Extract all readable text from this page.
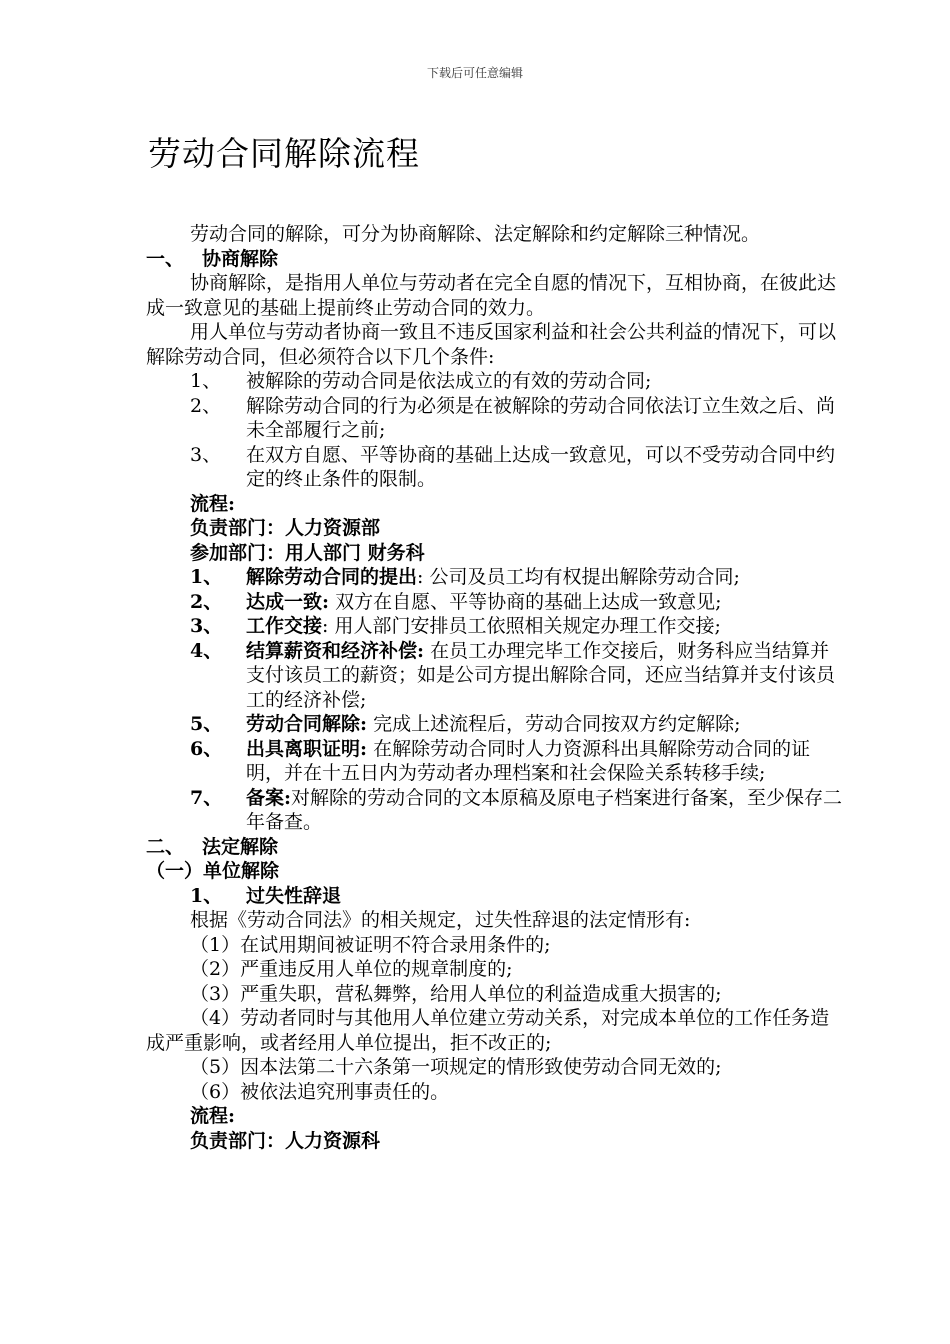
下载后可任意编辑
劳动合同解除流程

劳动合同的解除，可分为协商解除、法定解除和约定解除三种情况。

一、 协商解除

协商解除，是指用人单位与劳动者在完全自愿的情况下，互相协商，在彼此达成一致意见的基础上提前终止劳动合同的效力。

用人单位与劳动者协商一致且不违反国家利益和社会公共利益的情况下，可以解除劳动合同，但必须符合以下几个条件:

1、	被解除的劳动合同是依法成立的有效的劳动合同;
2、	解除劳动合同的行为必须是在被解除的劳动合同依法订立生效之后、尚未全部履行之前;
3、	在双方自愿、平等协商的基础上达成一致意见，可以不受劳动合同中约定的终止条件的限制。

流程:

负责部门：人力资源部

参加部门：用人部门 财务科

1、	解除劳动合同的提出: 公司及员工均有权提出解除劳动合同;
2、	达成一致: 双方在自愿、平等协商的基础上达成一致意见;
3、	工作交接: 用人部门安排员工依照相关规定办理工作交接;
4、	结算薪资和经济补偿: 在员工办理完毕工作交接后，财务科应当结算并支付该员工的薪资；如是公司方提出解除合同，还应当结算并支付该员工的经济补偿;
5、	劳动合同解除: 完成上述流程后，劳动合同按双方约定解除;
6、	出具离职证明: 在解除劳动合同时人力资源科出具解除劳动合同的证明，并在十五日内为劳动者办理档案和社会保险关系转移手续;
7、	备案:对解除的劳动合同的文本原稿及原电子档案进行备案，至少保存二年备查。
二、 法定解除

（一）单位解除

1、	过失性辞退

根据《劳动合同法》的相关规定，过失性辞退的法定情形有:

（1）在试用期间被证明不符合录用条件的;

（2）严重违反用人单位的规章制度的;

（3）严重失职，营私舞弊，给用人单位的利益造成重大损害的;

（4）劳动者同时与其他用人单位建立劳动关系，对完成本单位的工作任务造成严重影响，或者经用人单位提出，拒不改正的;

（5）因本法第二十六条第一项规定的情形致使劳动合同无效的;

（6）被依法追究刑事责任的。

流程:

负责部门：人力资源科
